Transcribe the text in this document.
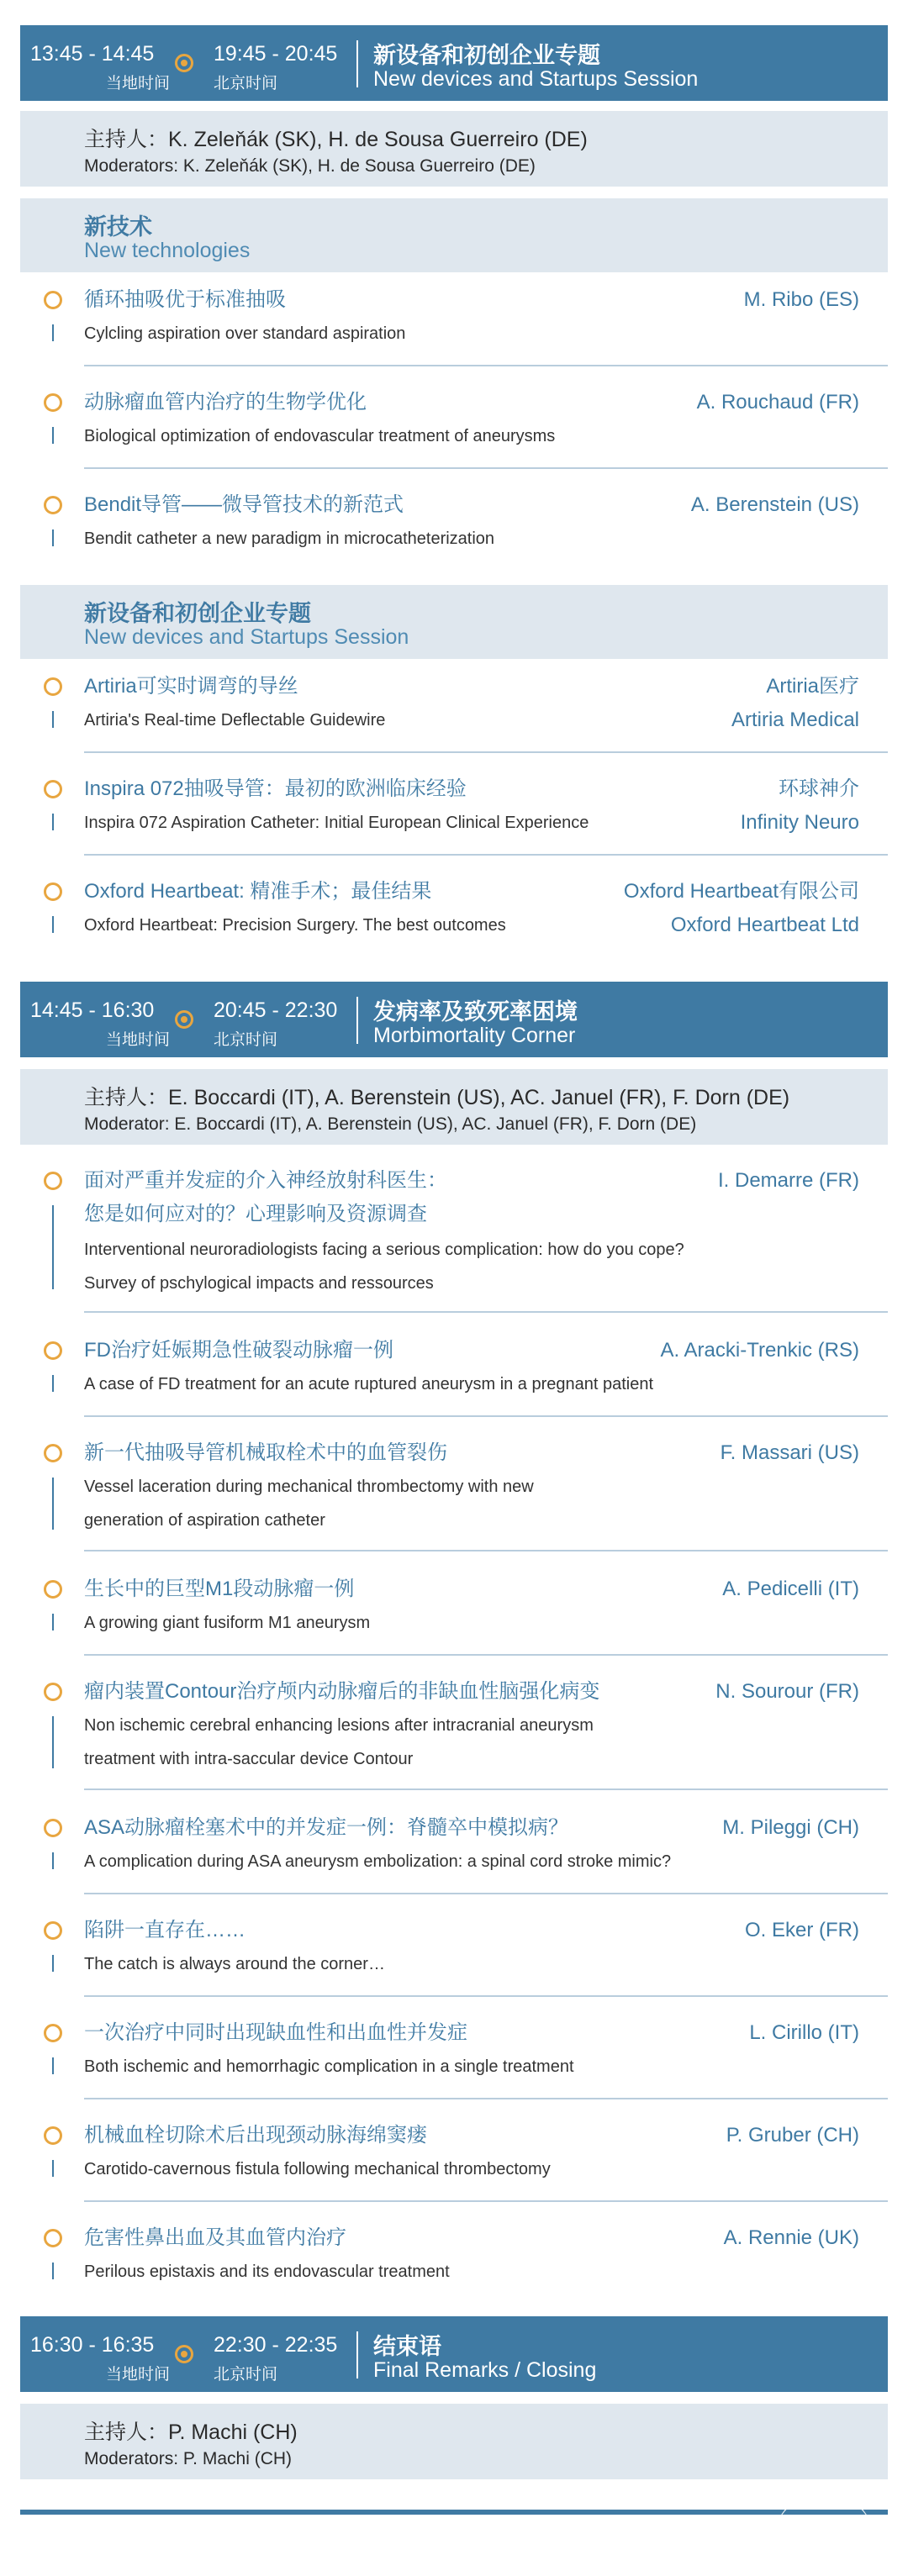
13:45 - 14:45
当地时间
19:45 - 20:45
北京时间
新设备和初创企业专题
New devices and Startups Session
主持人：K. Zeleňák (SK), H. de Sousa Guerreiro (DE)
Moderators: K. Zeleňák (SK), H. de Sousa Guerreiro (DE)
新技术
New technologies
循环抽吸优于标准抽吸	M. Ribo (ES)
Cylcling aspiration over standard aspiration
动脉瘤血管内治疗的生物学优化	A. Rouchaud (FR)
Biological optimization of endovascular treatment of aneurysms
Bendit导管——微导管技术的新范式	A. Berenstein (US)
Bendit catheter a new paradigm in microcatheterization
新设备和初创企业专题
New devices and Startups Session
Artiria可实时调弯的导丝	Artiria医疗
Artiria's Real-time Deflectable Guidewire	Artiria Medical
Inspira 072抽吸导管：最初的欧洲临床经验	环球神介
Inspira 072 Aspiration Catheter: Initial European Clinical Experience	Infinity Neuro
Oxford Heartbeat: 精准手术；最佳结果	Oxford Heartbeat有限公司
Oxford Heartbeat: Precision Surgery. The best outcomes	Oxford Heartbeat Ltd
14:45 - 16:30
当地时间
20:45 - 22:30
北京时间
发病率及致死率困境
Morbimortality Corner
主持人：E. Boccardi (IT), A. Berenstein (US), AC. Januel (FR), F. Dorn (DE)
Moderator: E. Boccardi (IT), A. Berenstein (US), AC. Januel (FR), F. Dorn (DE)
面对严重并发症的介入神经放射科医生：
您是如何应对的？心理影响及资源调查
I. Demarre (FR)
Interventional neuroradiologists facing a serious complication: how do you cope?
Survey of pschylogical impacts and ressources
FD治疗妊娠期急性破裂动脉瘤一例	A. Aracki-Trenkic (RS)
A case of FD treatment for an acute ruptured aneurysm in a pregnant patient
新一代抽吸导管机械取栓术中的血管裂伤	F. Massari (US)
Vessel laceration during mechanical thrombectomy with new
generation of aspiration catheter
生长中的巨型M1段动脉瘤一例	A. Pedicelli (IT)
A growing giant fusiform M1 aneurysm
瘤内装置Contour治疗颅内动脉瘤后的非缺血性脑强化病变	N. Sourour (FR)
Non ischemic cerebral enhancing lesions after intracranial aneurysm
treatment with intra-saccular device Contour
ASA动脉瘤栓塞术中的并发症一例：脊髓卒中模拟病？	M. Pileggi (CH)
A complication during ASA aneurysm embolization: a spinal cord stroke mimic?
陷阱一直存在……	O. Eker (FR)
The catch is always around the corner…
一次治疗中同时出现缺血性和出血性并发症	L. Cirillo (IT)
Both ischemic and hemorrhagic complication in a single treatment
机械血栓切除术后出现颈动脉海绵窦瘘	P. Gruber (CH)
Carotido-cavernous fistula following mechanical thrombectomy
危害性鼻出血及其血管内治疗	A. Rennie (UK)
Perilous epistaxis and its endovascular treatment
16:30 - 16:35
当地时间
22:30 - 22:35
北京时间
结束语
Final Remarks / Closing
主持人：P. Machi (CH)
Moderators: P. Machi (CH)
